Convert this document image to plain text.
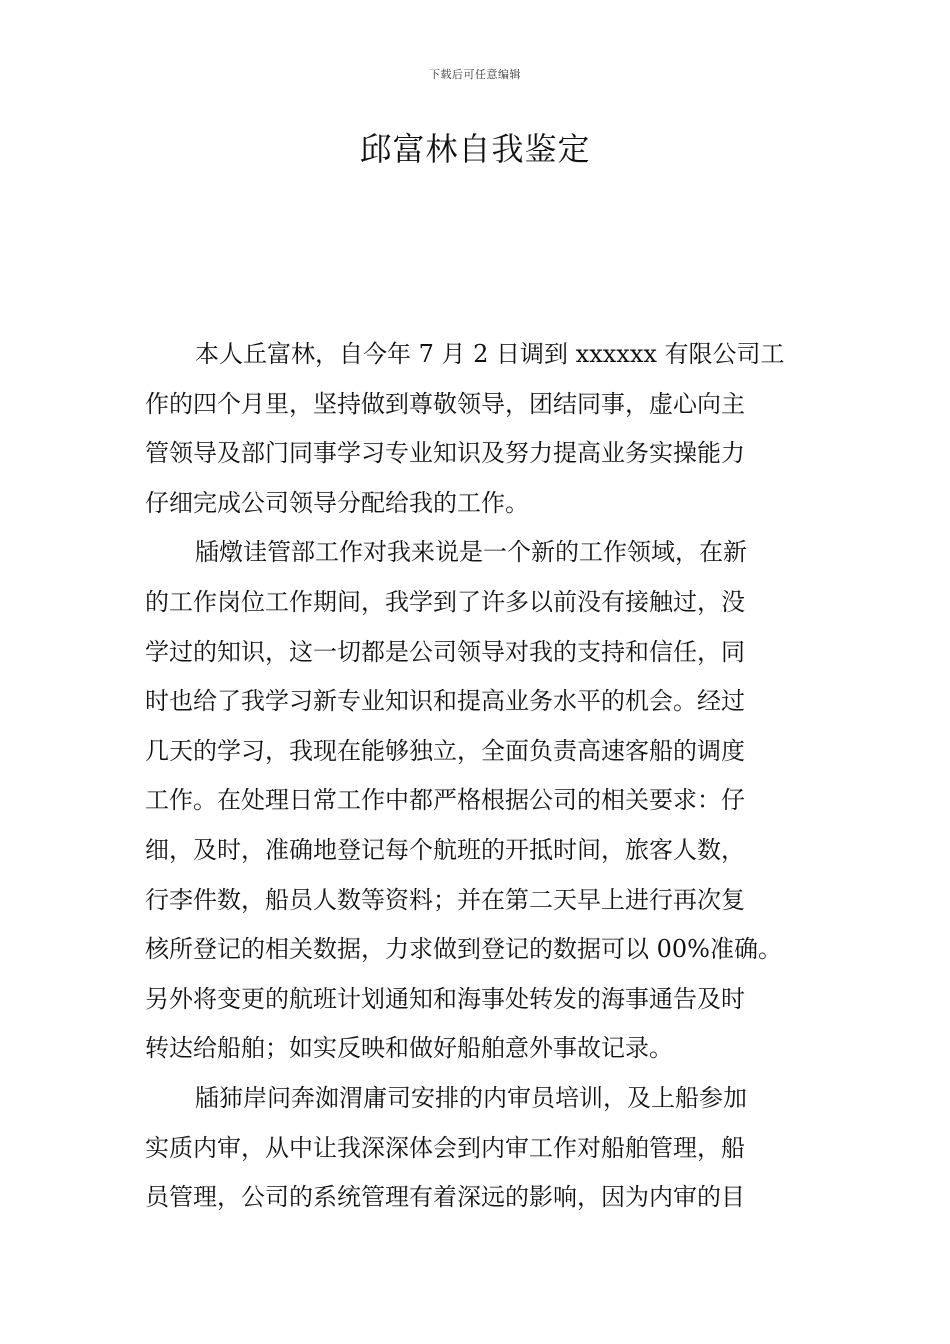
下载后可任意编辑
邱富林自我鉴定
本人丘富林，自今年 7 月 2 日调到 xxxxxx 有限公司工
作的四个月里，坚持做到尊敬领导，团结同事，虚心向主
管领导及部门同事学习专业知识及努力提高业务实操能力
仔细完成公司领导分配给我的工作。
牐燉诖管部工作对我来说是一个新的工作领域，在新
的工作岗位工作期间，我学到了许多以前没有接触过，没
学过的知识，这一切都是公司领导对我的支持和信任，同
时也给了我学习新专业知识和提高业务水平的机会。经过
几天的学习，我现在能够独立，全面负责高速客船的调度
工作。在处理日常工作中都严格根据公司的相关要求：仔
细，及时，准确地登记每个航班的开抵时间，旅客人数，
行李件数，船员人数等资料；并在第二天早上进行再次复
核所登记的相关数据，力求做到登记的数据可以 00%准确。
另外将变更的航班计划通知和海事处转发的海事通告及时
转达给船舶；如实反映和做好船舶意外事故记录。
牐犻岸问奔洳渭庸司安排的内审员培训，及上船参加
实质内审，从中让我深深体会到内审工作对船舶管理，船
员管理，公司的系统管理有着深远的影响，因为内审的目
